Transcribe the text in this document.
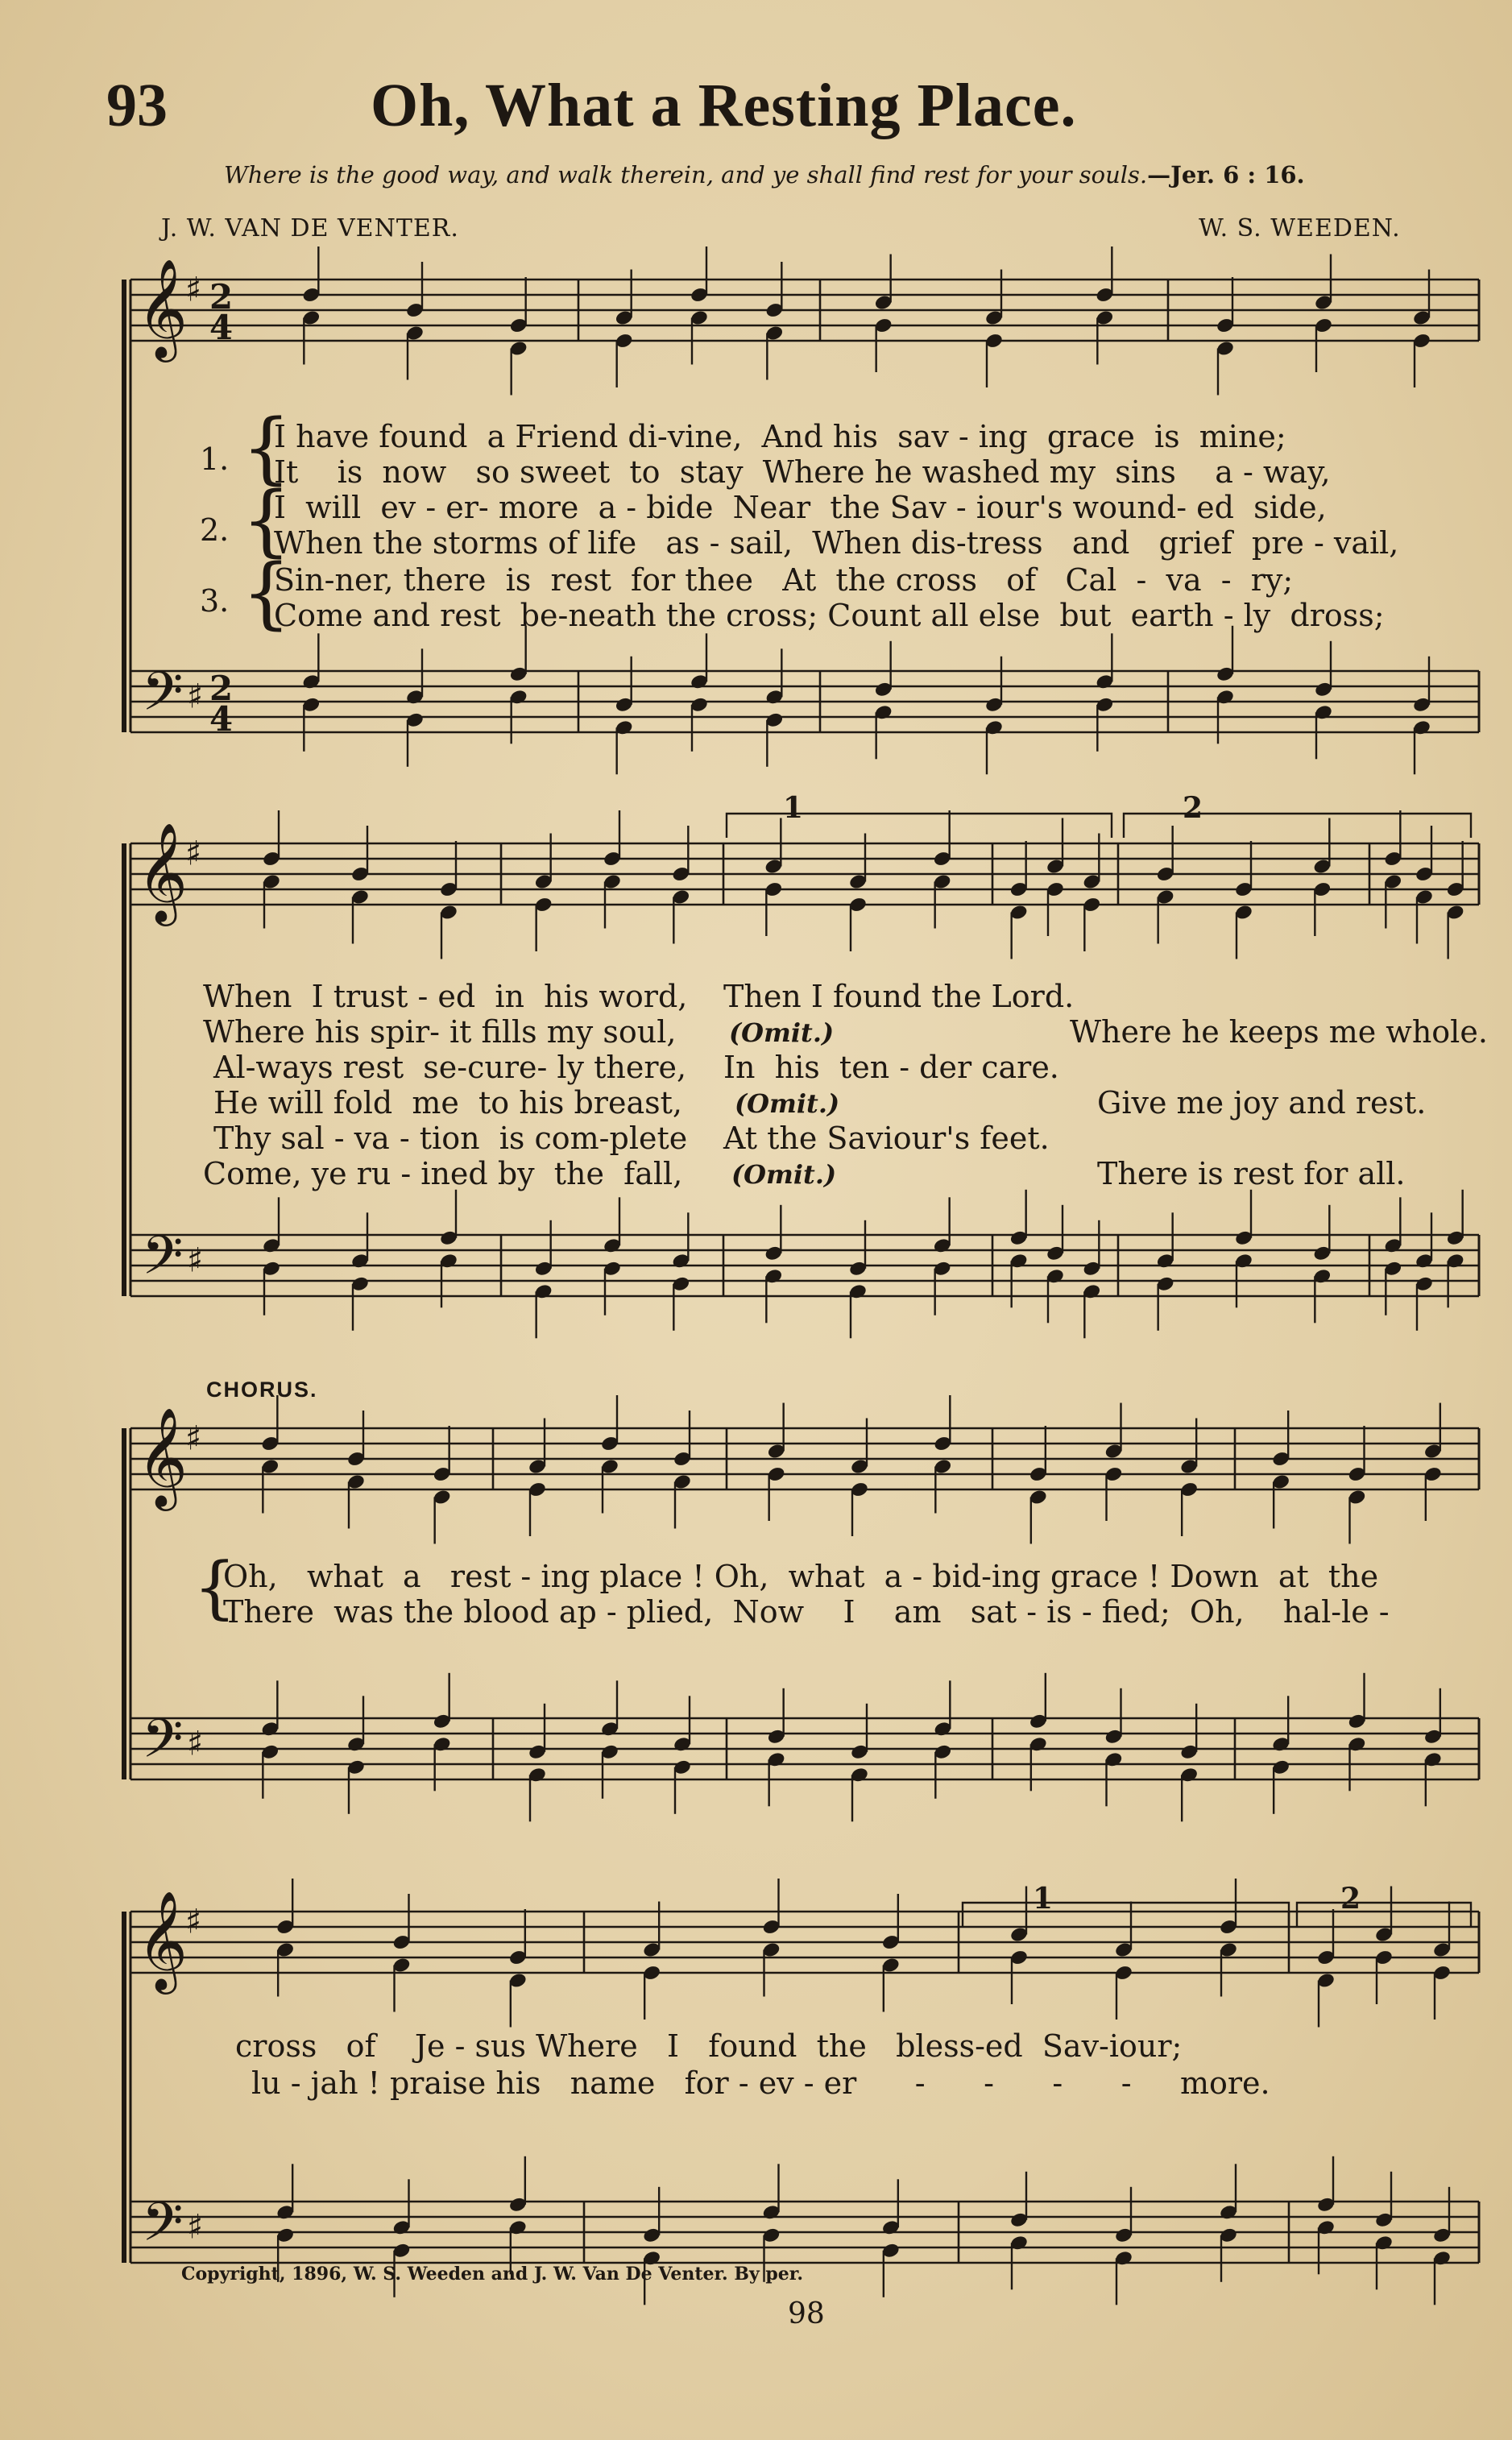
93	Oh, What a Resting Place.
Where is the good way, and walk therein, and ye shall find rest for your souls.—Jer. 6 : 16.
J. W. VAN DE VENTER.	W. S. WEEDEN.
𝄞
♯
𝄢 ♯
2
4
2
4
𝄞
♯
𝄢 ♯
𝄞
♯
𝄢 ♯
𝄞
♯
𝄢 ♯
1. {
I have found  a Friend di-vine,  And his  sav - ing  grace  is  mine;
It    is  now   so sweet  to  stay  Where he washed my  sins    a - way,
2. {
I  will  ev - er- more  a - bide  Near  the Sav - iour's wound- ed  side,
When the storms of life   as - sail,  When dis-tress   and   grief  pre - vail,
3. {
Sin-ner, there  is  rest  for thee   At  the cross   of   Cal  -  va  -  ry;
Come and rest  be-neath the cross; Count all else  but  earth - ly  dross;
When  I trust - ed  in  his word, Then I found the Lord.
Where his spir- it fills my soul, (Omit.)	Where he keeps me whole.
Al-ways rest  se-cure- ly there, In  his  ten - der care.
He will fold  me  to his breast, (Omit.)	Give me joy and rest.
Thy sal - va - tion  is com-plete At the Saviour's feet.
Come, ye ru - ined by  the  fall, (Omit.)	There is rest for all.
CHORUS.
{
Oh,   what  a   rest - ing place ! Oh,  what  a - bid-ing grace ! Down  at  the
There  was the blood ap - plied,  Now    I    am   sat - is - fied;  Oh,    hal-le -
cross   of    Je - sus Where   I   found  the   bless-ed  Sav-iour;
lu - jah ! praise his   name   for - ev - er      -      -      -      -     more.
1	2
1	2
Copyright, 1896, W. S. Weeden and J. W. Van De Venter. By per.
98
